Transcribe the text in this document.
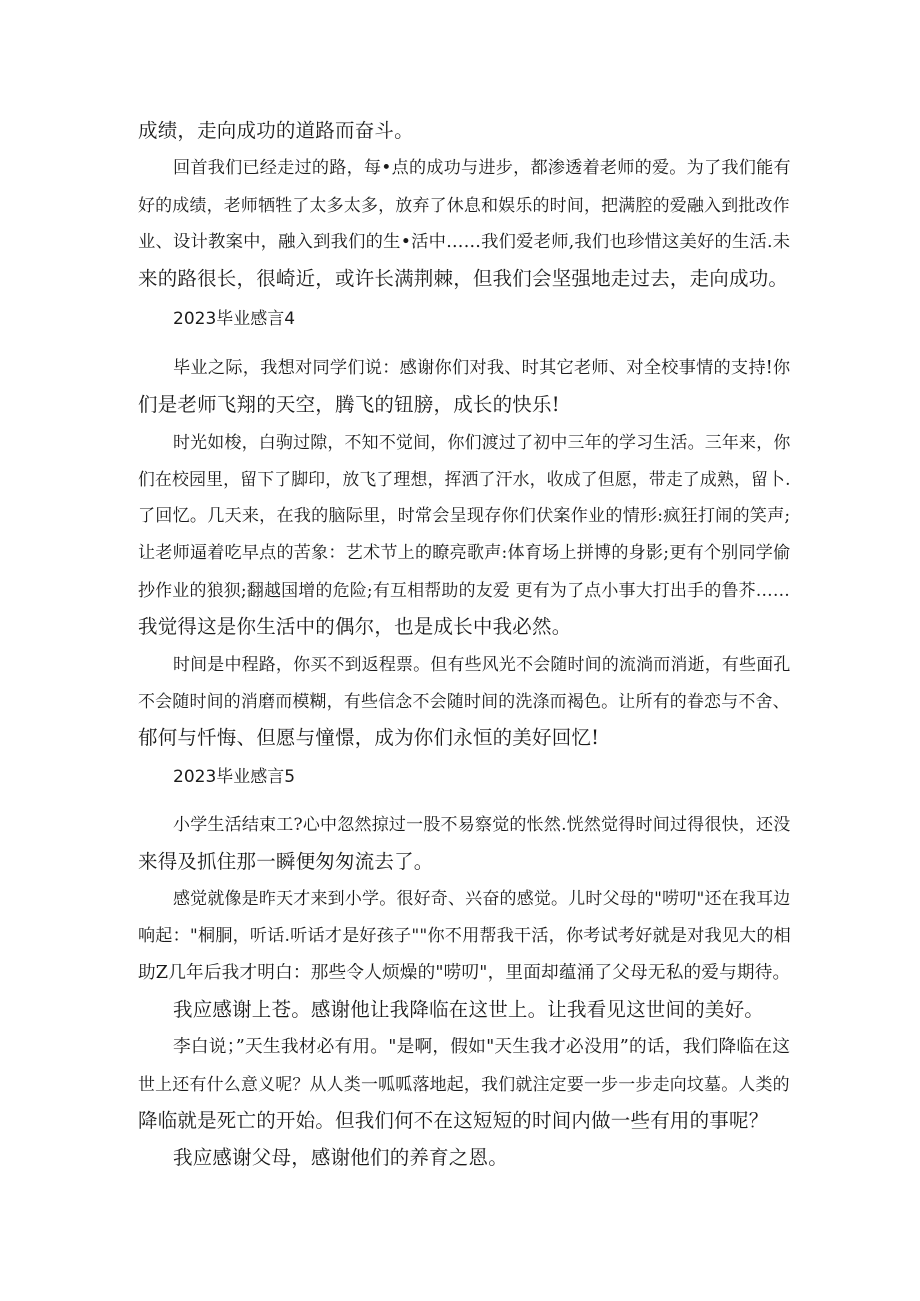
成绩，走向成功的道路而奋斗。
回首我们已经走过的路，每•点的成功与进步，都渗透着老师的爱。为了我们能有
好的成绩，老师牺牲了太多太多，放弃了休息和娱乐的时间，把满腔的爱融入到批改作
业、设计教案中，融入到我们的生•活中……我们爱老师,我们也珍惜这美好的生活.未
来的路很长，很崎近，或许长满荆棘，但我们会坚强地走过去，走向成功。
2023毕业感言4
毕业之际，我想对同学们说：感谢你们对我、时其它老师、对全校事情的支持!你
们是老师飞翔的天空，腾飞的钮膀，成长的快乐!
时光如梭，白驹过隙，不知不觉间，你们渡过了初中三年的学习生活。三年来，你
们在校园里，留下了脚印，放飞了理想，挥洒了汗水，收成了但愿，带走了成熟，留卜.
了回忆。几天来，在我的脑际里，时常会呈现存你们伏案作业的情形:疯狂打闹的笑声;
让老师逼着吃早点的苦象：艺术节上的瞭亮歌声:体育场上拼博的身影;更有个别同学偷
抄作业的狼狈;翻越国增的危险;有互相帮助的友爱 更有为了点小事大打出手的鲁芥……
我觉得这是你生活中的偶尔，也是成长中我必然。
时间是中程路，你买不到返程票。但有些风光不会随时间的流淌而消逝，有些面孔
不会随时间的消磨而模糊，有些信念不会随时间的洗涤而褐色。让所有的眷恋与不舍、
郁何与忏悔、但愿与憧憬，成为你们永恒的美好回忆!
2023毕业感言5
小学生活结束工?心中忽然掠过一股不易察觉的怅然.恍然觉得时间过得很快，还没
来得及抓住那一瞬便匆匆流去了。
感觉就像是昨天才来到小学。很好奇、兴奋的感觉。儿时父母的"唠叨"还在我耳边
响起："桐胴，听话.听话才是好孩子""你不用帮我干活，你考试考好就是对我见大的相
助Z几年后我才明白：那些令人烦燥的"唠叨"，里面却蕴涌了父母无私的爱与期待。
我应感谢上苍。感谢他让我降临在这世上。让我看见这世间的美好。
李白说；”天生我材必有用。"是啊，假如"天生我才必没用”的话，我们降临在这
世上还有什么意义呢？从人类一呱呱落地起，我们就注定要一步一步走向坟墓。人类的
降临就是死亡的开始。但我们何不在这短短的时间内做一些有用的事呢？
我应感谢父母，感谢他们的养育之恩。
